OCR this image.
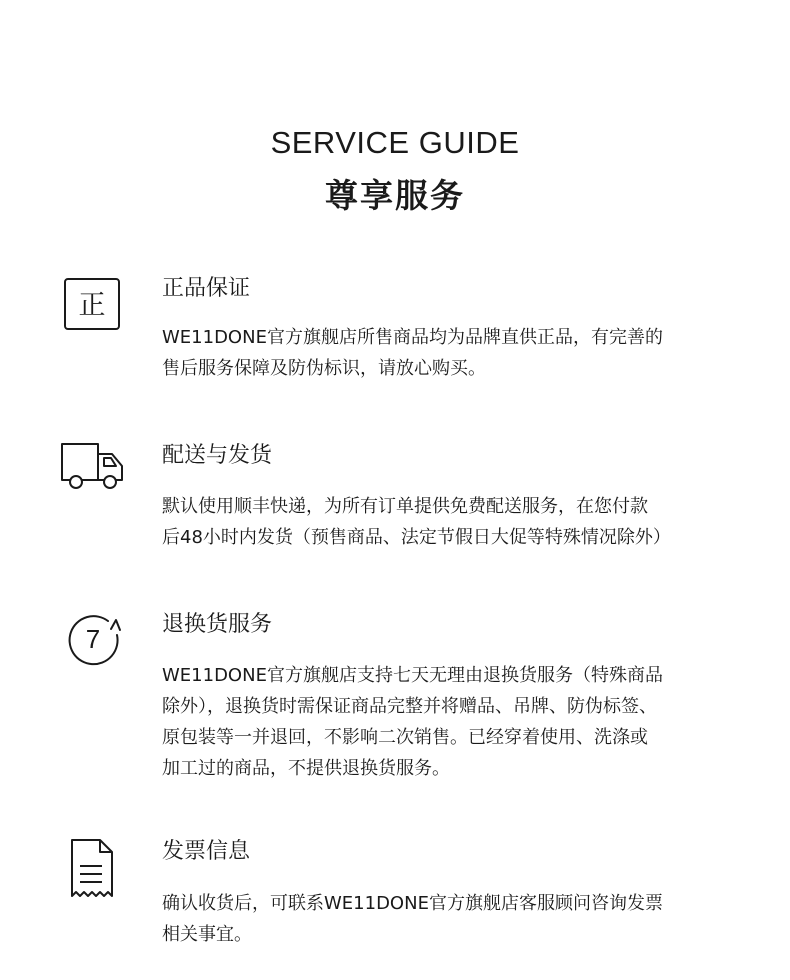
SERVICE GUIDE
尊享服务
正
正品保证
WE11DONE官方旗舰店所售商品均为品牌直供正品，有完善的
售后服务保障及防伪标识，请放心购买。
配送与发货
默认使用顺丰快递，为所有订单提供免费配送服务，在您付款
后48小时内发货（预售商品、法定节假日大促等特殊情况除外）
7	退换货服务
WE11DONE官方旗舰店支持七天无理由退换货服务（特殊商品
除外），退换货时需保证商品完整并将赠品、吊牌、防伪标签、
原包装等一并退回，不影响二次销售。已经穿着使用、洗涤或
加工过的商品，不提供退换货服务。
发票信息
确认收货后，可联系WE11DONE官方旗舰店客服顾问咨询发票
相关事宜。
